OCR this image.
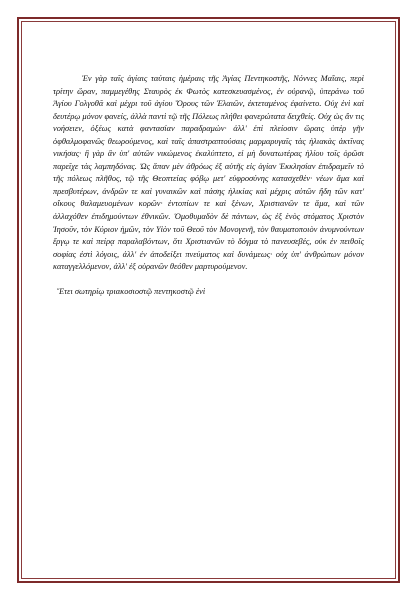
Ἐν γὰρ ταῖς ἁγίαις ταύταις ἡμέραις τῆς Ἁγίας Πεντηκοστῆς, Νόννες Μαΐαις, περὶ τρίτην ὥραν, παμμεγέθης Σταυρὸς ἐκ Φωτὸς κατεσκευασμένος, ἐν οὐρανῷ, ὑπεράνω τοῦ Ἁγίου Γολγοθᾶ καὶ μέχρι τοῦ ἁγίου Ὄρους τῶν Ἐλαιῶν, ἐκτεταμένος ἐφαίνετο. Οὐχ ἑνὶ καὶ δευτέρῳ μόνον φανείς, ἀλλὰ παντὶ τῷ τῆς Πόλεως πλήθει φανερώτατα δειχθείς. Οὐχ ὡς ἄν τις νοήσειεν, ὀξέως κατὰ φαντασίαν παραδραμὼν· ἀλλ' ἐπὶ πλείοσιν ὥραις ὑπὲρ γῆν ὀφθαλμοφανῶς θεωρούμενος, καὶ ταῖς ἀπαστραπτούσαις μαρμαρυγαῖς τὰς ἡλιακὰς ἀκτῖνας νικήσας· ἢ γὰρ ἂν ὑπ' αὐτῶν νικώμενος ἐκαλύπτετο, εἰ μὴ δυνατωτέρας ἡλίου τοῖς ὁρῶσι παρεῖχε τὰς λαμπηδόνας. Ὡς ἅπαν μὲν ἀθρόως ἐξ αὐτῆς εἰς ἁγίαν Ἐκκλησίαν ἐπιδραμεῖν τὸ τῆς πόλεως πλῆθος, τῷ τῆς Θεοπτείας φόβῳ μετ' εὐφροσύνης κατασχεθὲν· νέων ἅμα καὶ πρεσβυτέρων, ἀνδρῶν τε καὶ γυναικῶν καὶ πάσης ἡλικίας καὶ μέχρις αὐτῶν ἤδη τῶν κατ' οἴκους θαλαμευομένων κορῶν· ἐντοπίων τε καὶ ξένων, Χριστιανῶν τε ἅμα, καὶ τῶν ἀλλαχόθεν ἐπιδημούντων ἐθνικῶν. Ὁμοθυμαδὸν δὲ πάντων, ὡς ἐξ ἑνὸς στόματος Χριστὸν Ἰησοῦν, τὸν Κύριον ἡμῶν, τὸν Υἱὸν τοῦ Θεοῦ τὸν Μονογενῆ, τὸν θαυματοποιὸν ἀνυμνούντων ἔργῳ τε καὶ πείρᾳ παραλαβόντων, ὅτι Χριστιανῶν τὸ δόγμα τὸ πανευσεβές, οὐκ ἐν πειθοῖς σοφίας ἐστὶ λόγοις, ἀλλ' ἐν ἀποδείξει πνεύματος καὶ δυνάμεως· οὐχ ὑπ' ἀνθρώπων μόνον καταγγελλόμενον, ἀλλ' ἐξ οὐρανῶν θεόθεν μαρτυρούμενον.

Ἔτει σωτηρίῳ τριακοσιοστῷ πεντηκοστῷ ἑνὶ
